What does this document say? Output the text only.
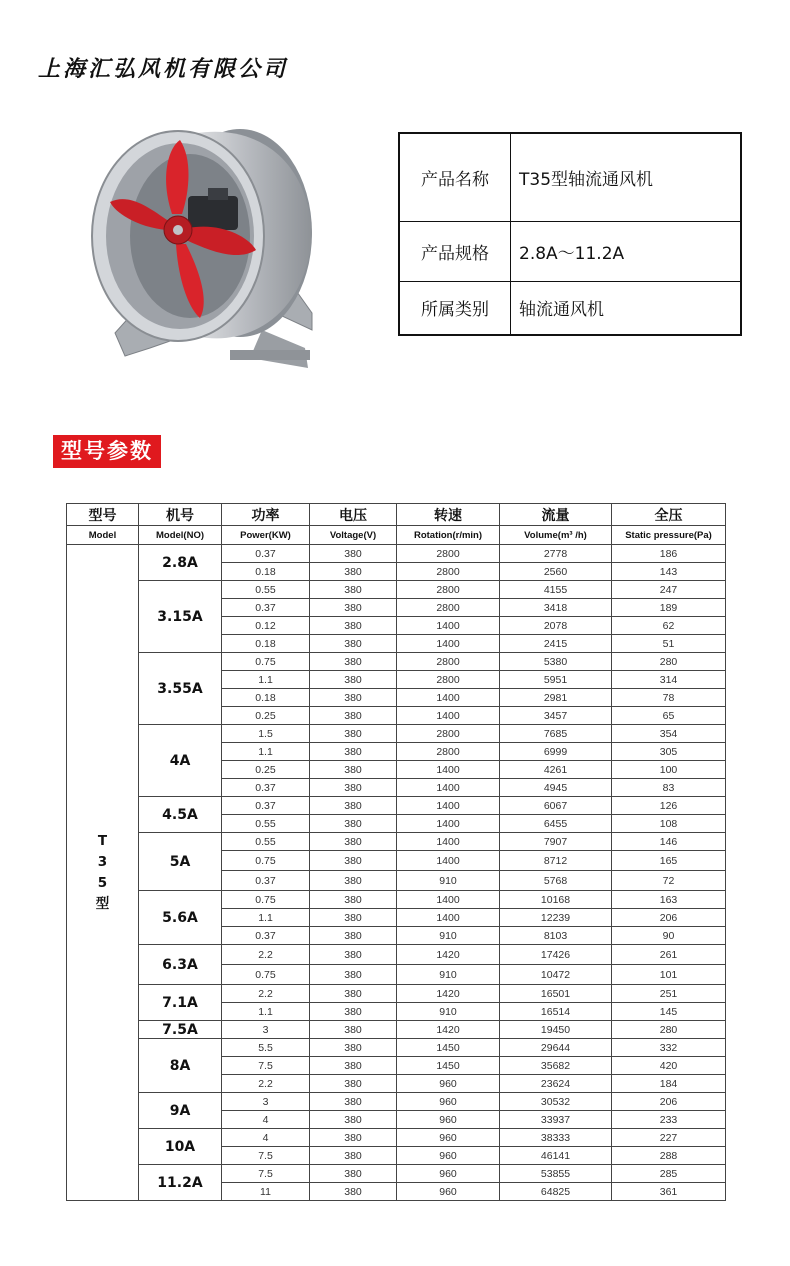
上海汇弘风机有限公司
产品名称	T35型轴流通风机
产品规格	2.8A～11.2A
所属类别	轴流通风机
型号参数
型号	机号	功率	电压	转速	流量	全压
Model	Model(NO)	Power(KW)	Voltage(V)	Rotation(r/min)	Volume(m³ /h)	Static pressure(Pa)
T
3
5
型	2.8A	0.37	380	2800	2778	186
		0.18	380	2800	2560	143
	3.15A	0.55	380	2800	4155	247
		0.37	380	2800	3418	189
		0.12	380	1400	2078	62
		0.18	380	1400	2415	51
	3.55A	0.75	380	2800	5380	280
		1.1	380	2800	5951	314
		0.18	380	1400	2981	78
		0.25	380	1400	3457	65
	4A	1.5	380	2800	7685	354
		1.1	380	2800	6999	305
		0.25	380	1400	4261	100
		0.37	380	1400	4945	83
	4.5A	0.37	380	1400	6067	126
		0.55	380	1400	6455	108
	5A	0.55	380	1400	7907	146
		0.75	380	1400	8712	165
		0.37	380	910	5768	72
	5.6A	0.75	380	1400	10168	163
		1.1	380	1400	12239	206
		0.37	380	910	8103	90
	6.3A	2.2	380	1420	17426	261
		0.75	380	910	10472	101
	7.1A	2.2	380	1420	16501	251
		1.1	380	910	16514	145
	7.5A	3	380	1420	19450	280
	8A	5.5	380	1450	29644	332
		7.5	380	1450	35682	420
		2.2	380	960	23624	184
	9A	3	380	960	30532	206
		4	380	960	33937	233
	10A	4	380	960	38333	227
		7.5	380	960	46141	288
	11.2A	7.5	380	960	53855	285
		11	380	960	64825	361
